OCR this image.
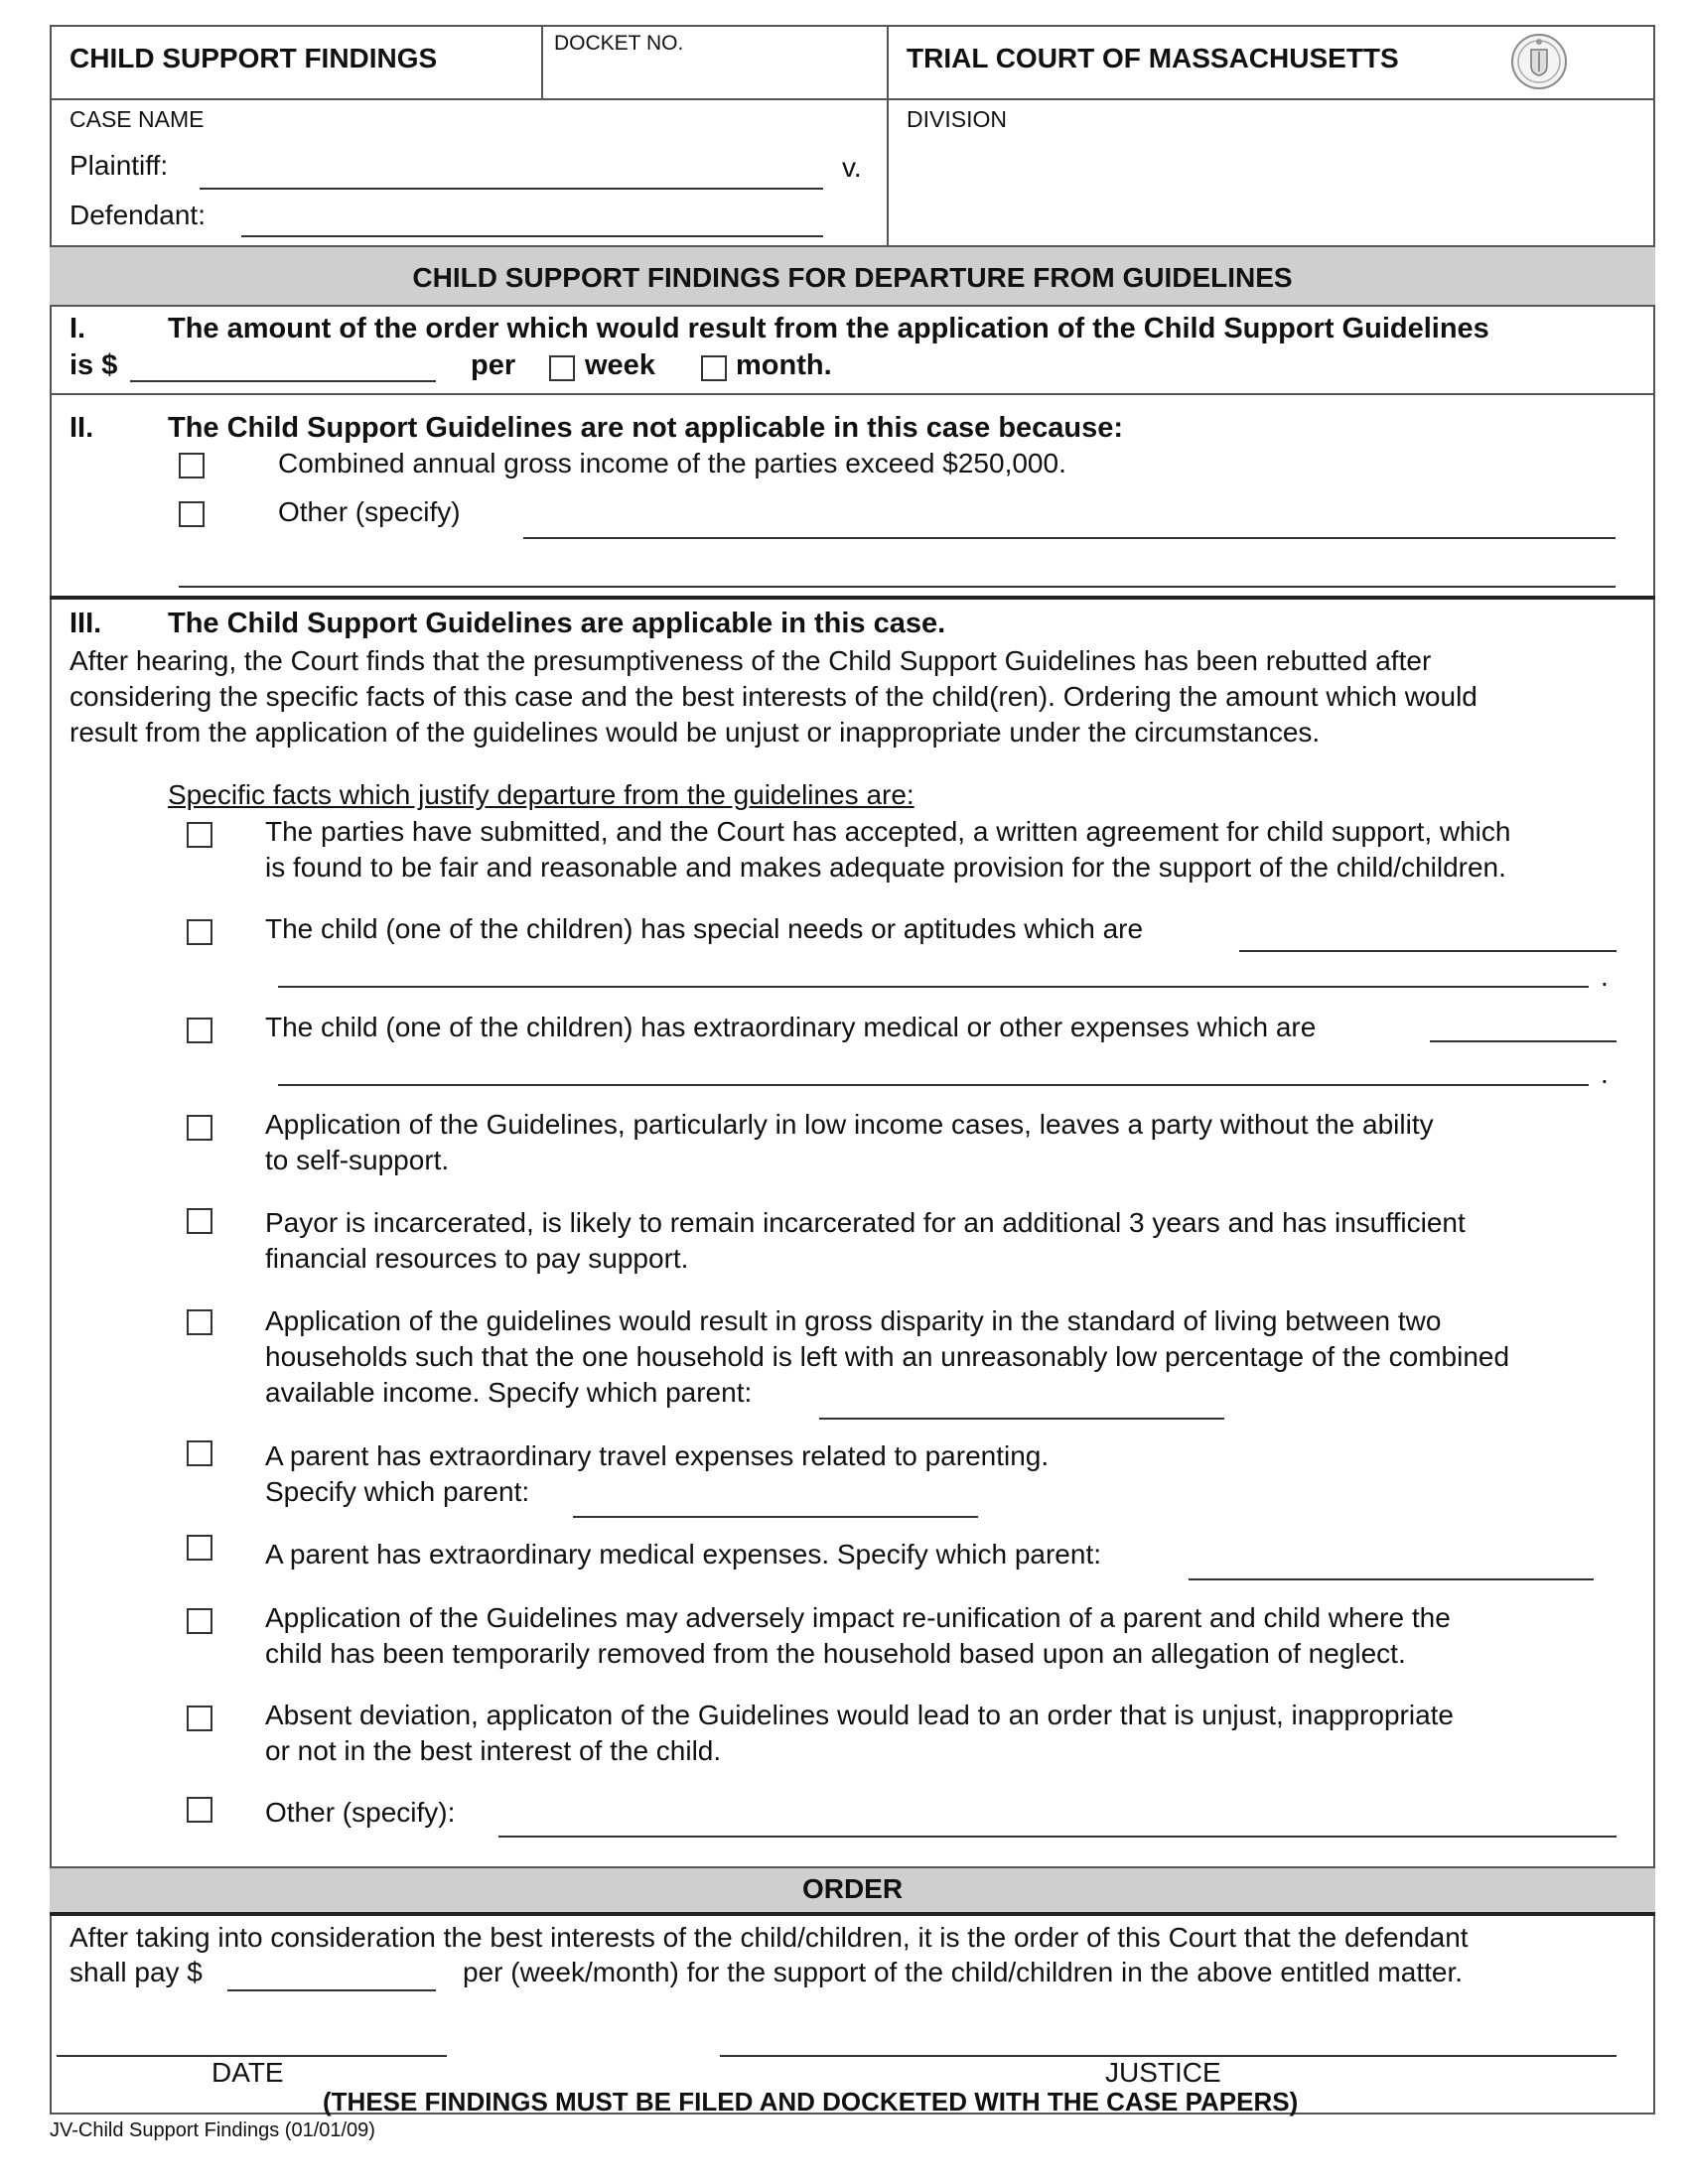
CHILD SUPPORT FINDINGS	DOCKET NO.	TRIAL COURT OF MASSACHUSETTS
CASE NAME
Plaintiff:	v.
Defendant:
DIVISION
CHILD SUPPORT FINDINGS FOR DEPARTURE FROM GUIDELINES
I.	The amount of the order which would result from the application of the Child Support Guidelines
is $	per week	month.
II.	The Child Support Guidelines are not applicable in this case because:
Combined annual gross income of the parties exceed $250,000.
Other (specify)
III. The Child Support Guidelines are applicable in this case.
After hearing, the Court finds that the presumptiveness of the Child Support Guidelines has been rebutted after
considering the specific facts of this case and the best interests of the child(ren). Ordering the amount which would
result from the application of the guidelines would be unjust or inappropriate under the circumstances.
Specific facts which justify departure from the guidelines are:
The parties have submitted, and the Court has accepted, a written agreement for child support, which
is found to be fair and reasonable and makes adequate provision for the support of the child/children.
The child (one of the children) has special needs or aptitudes which are
.
The child (one of the children) has extraordinary medical or other expenses which are
.
Application of the Guidelines, particularly in low income cases, leaves a party without the ability
to self-support.
Payor is incarcerated, is likely to remain incarcerated for an additional 3 years and has insufficient
financial resources to pay support.
Application of the guidelines would result in gross disparity in the standard of living between two
households such that the one household is left with an unreasonably low percentage of the combined
available income. Specify which parent:
A parent has extraordinary travel expenses related to parenting.
Specify which parent:
A parent has extraordinary medical expenses. Specify which parent:
Application of the Guidelines may adversely impact re-unification of a parent and child where the
child has been temporarily removed from the household based upon an allegation of neglect.
Absent deviation, applicaton of the Guidelines would lead to an order that is unjust, inappropriate
or not in the best interest of the child.
Other (specify):
ORDER
After taking into consideration the best interests of the child/children, it is the order of this Court that the defendant
shall pay $	per (week/month) for the support of the child/children in the above entitled matter.
DATE	JUSTICE
(THESE FINDINGS MUST BE FILED AND DOCKETED WITH THE CASE PAPERS)
JV-Child Support Findings (01/01/09)
